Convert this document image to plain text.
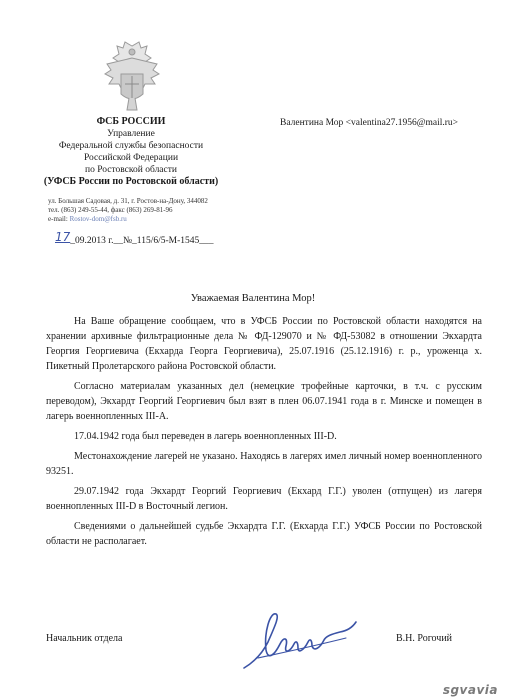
ФСБ РОССИИ
Управление
Федеральной службы безопасности
Российской Федерации
по Ростовской области
(УФСБ России по Ростовской области)
ул. Большая Садовая, д. 31, г. Ростов-на-Дону, 344082
тел. (863) 249-55-44, факс (863) 269-81-96
e-mail: Rostov-dom@fsb.ru
Валентина Мор <valentina27.1956@mail.ru>
17_09.2013 г.__№_115/6/5-М-1545___
Уважаемая Валентина Мор!

На Ваше обращение сообщаем, что в УФСБ России по Ростовской области находятся на хранении архивные фильтрационные дела № ФД-129070 и № ФД-53082 в отношении Экхардта Георгия Георгиевича (Екхарда Георга Георгиевича), 25.07.1916 (25.12.1916) г. р., уроженца х. Пикетный Пролетарского района Ростовской области.

Согласно материалам указанных дел (немецкие трофейные карточки, в т.ч. с русским переводом), Экхардт Георгий Георгиевич был взят в плен 06.07.1941 года в г. Минске и помещен в лагерь военнопленных III-A.

17.04.1942 года был переведен в лагерь военнопленных III-D.

Местонахождение лагерей не указано. Находясь в лагерях имел личный номер военнопленного 93251.

29.07.1942 года Экхардт Георгий Георгиевич (Екхард Г.Г.) уволен (отпущен) из лагеря военнопленных III-D в Восточный легион.

Сведениями о дальнейшей судьбе Экхардта Г.Г. (Екхарда Г.Г.) УФСБ России по Ростовской области не располагает.

Начальник отдела	В.Н. Рогочий
sgvavia
